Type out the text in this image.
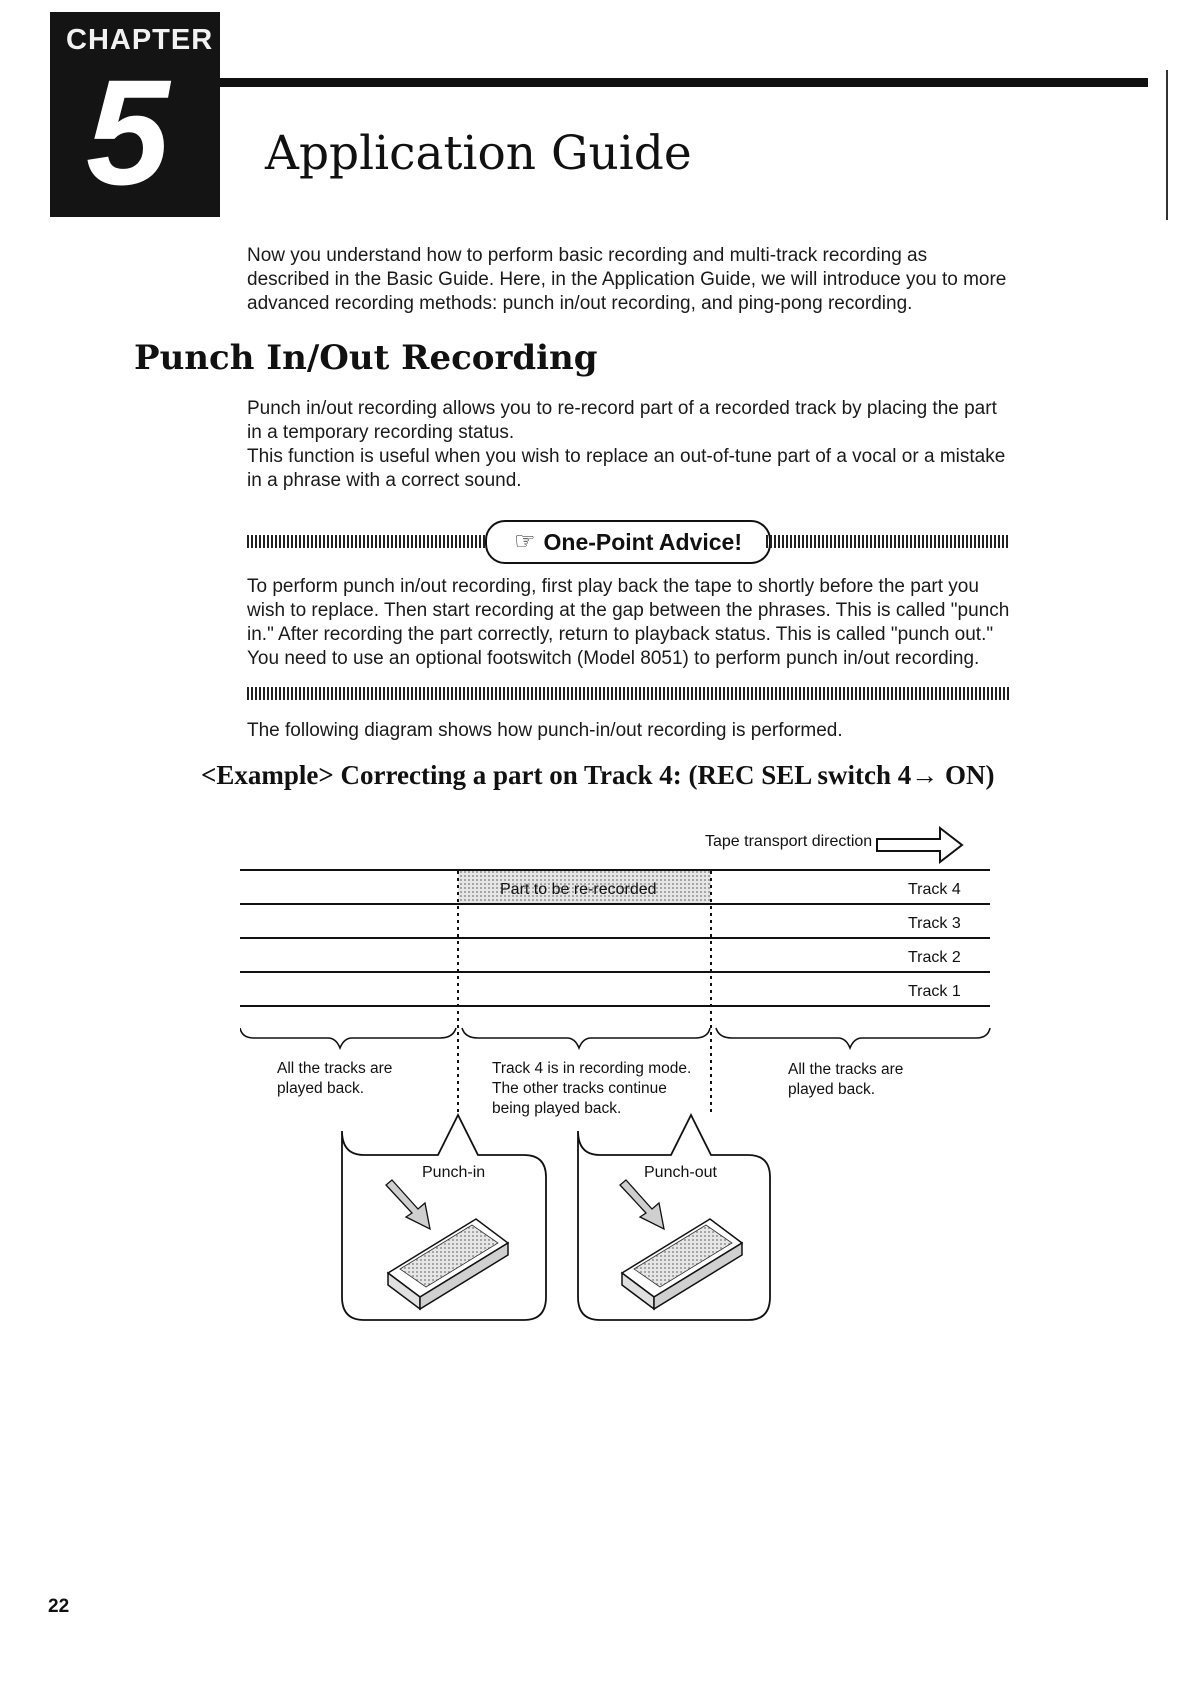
CHAPTER
5 Application Guide

Now you understand how to perform basic recording and multi-track recording as described in the Basic Guide. Here, in the Application Guide, we will introduce you to more advanced recording methods: punch in/out recording, and ping-pong recording.

Punch In/Out Recording

Punch in/out recording allows you to re-record part of a recorded track by placing the part in a temporary recording status.

This function is useful when you wish to replace an out-of-tune part of a vocal or a mistake in a phrase with a correct sound.

☞ One-Point Advice!

To perform punch in/out recording, first play back the tape to shortly before the part you wish to replace. Then start recording at the gap between the phrases. This is called "punch in." After recording the part correctly, return to playback status. This is called "punch out." You need to use an optional footswitch (Model 8051) to perform punch in/out recording.

The following diagram shows how punch-in/out recording is performed.

<Example> Correcting a part on Track 4: (REC SEL switch 4→ ON)
Tape transport direction
Part to be re-recorded	Track 4
Track 3
Track 2
Track 1
All the tracks are
played back.
Track 4 is in recording mode.
The other tracks continue
being played back.
All the tracks are
played back.
Punch-in	Punch-out
22
